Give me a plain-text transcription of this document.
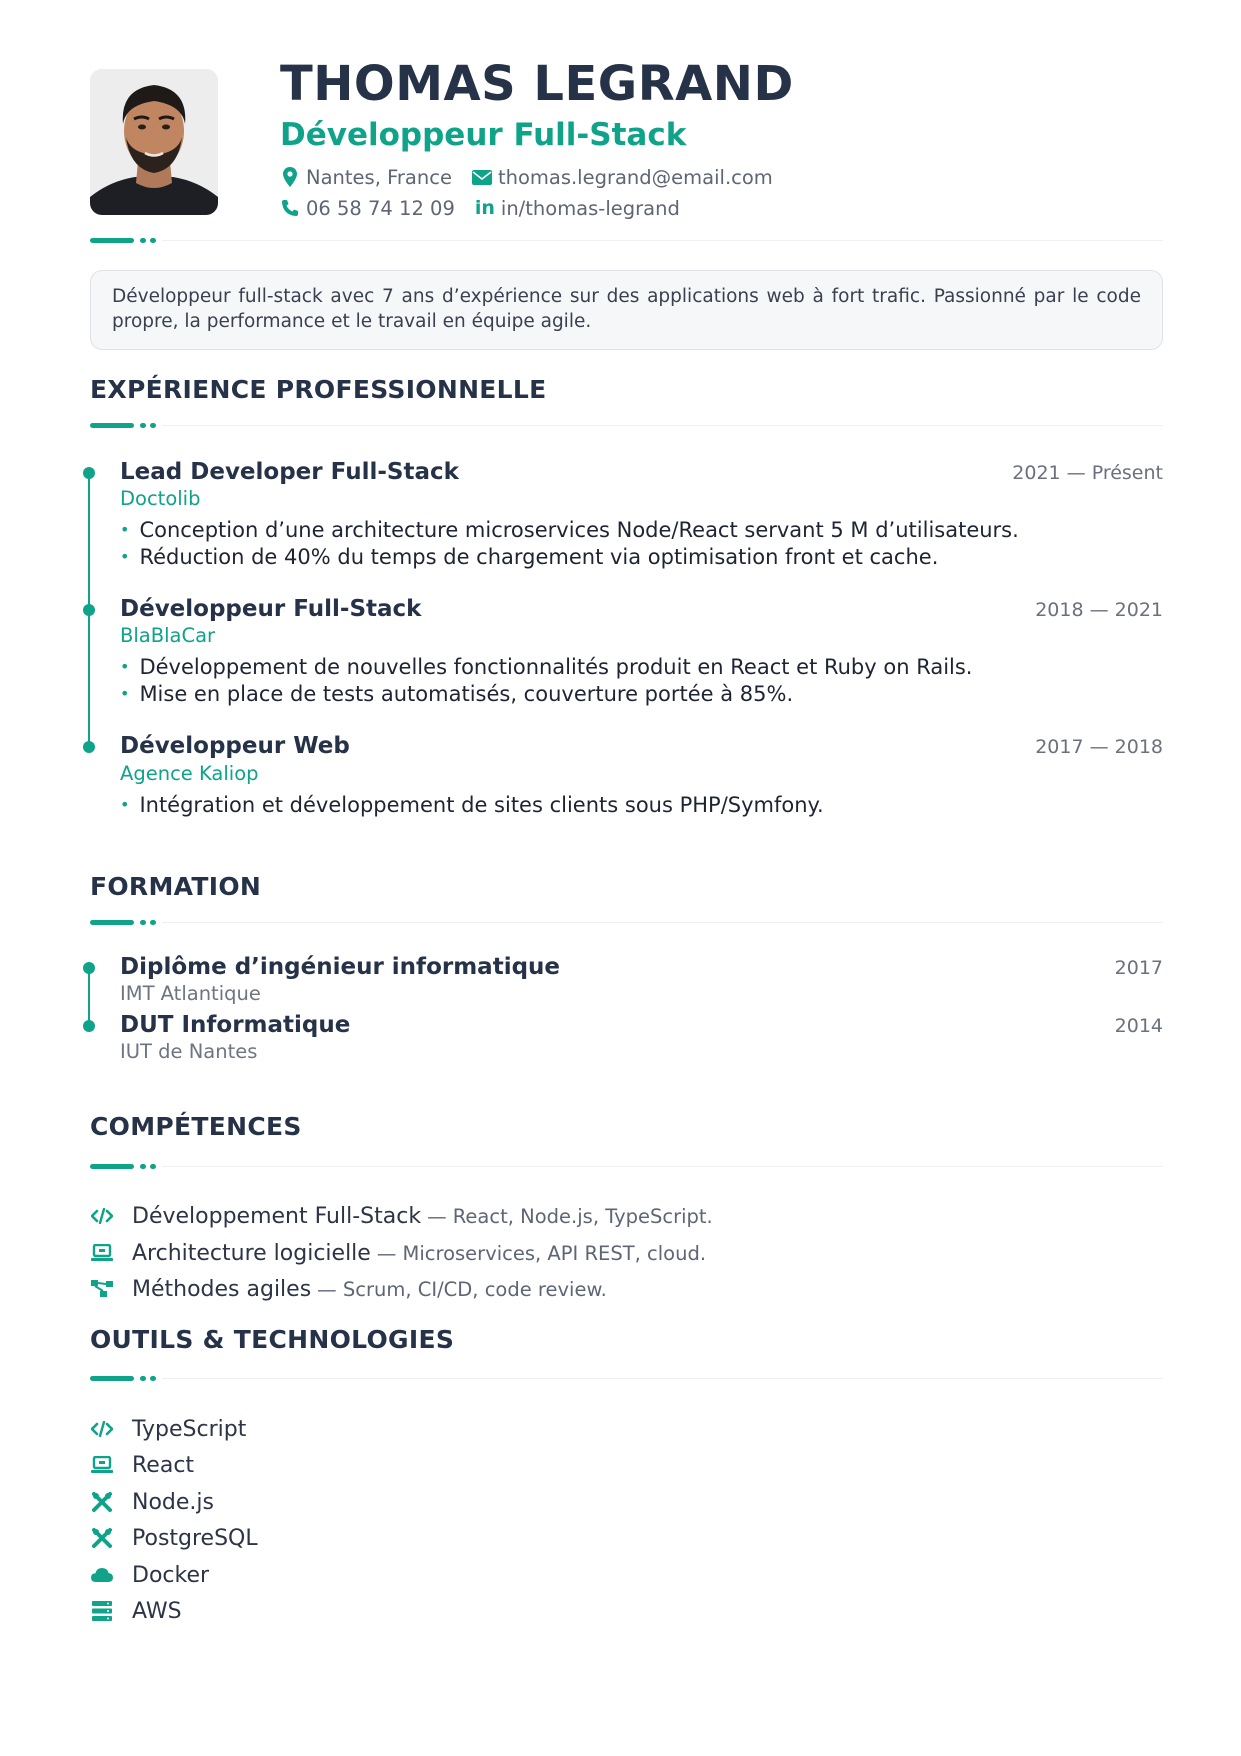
THOMAS LEGRAND
Développeur Full-Stack
Nantes, France thomas.legrand@email.com
06 58 74 12 09 in in/thomas-legrand
Développeur full-stack avec 7 ans d’expérience sur des applications web à fort trafic. Passionné par le code propre, la performance et le travail en équipe agile.
EXPÉRIENCE PROFESSIONNELLE
Lead Developer Full-Stack	2021 — Présent
Doctolib
• Conception d’une architecture microservices Node/React servant 5 M d’utilisateurs.
• Réduction de 40% du temps de chargement via optimisation front et cache.
Développeur Full-Stack	2018 — 2021
BlaBlaCar
• Développement de nouvelles fonctionnalités produit en React et Ruby on Rails.
• Mise en place de tests automatisés, couverture portée à 85%.
Développeur Web	2017 — 2018
Agence Kaliop
• Intégration et développement de sites clients sous PHP/Symfony.
FORMATION
Diplôme d’ingénieur informatique	2017
IMT Atlantique
DUT Informatique	2014
IUT de Nantes
COMPÉTENCES
Développement Full-Stack — React, Node.js, TypeScript.
Architecture logicielle — Microservices, API REST, cloud.
Méthodes agiles — Scrum, CI/CD, code review.
OUTILS & TECHNOLOGIES
TypeScript
React
Node.js
PostgreSQL
Docker
AWS
